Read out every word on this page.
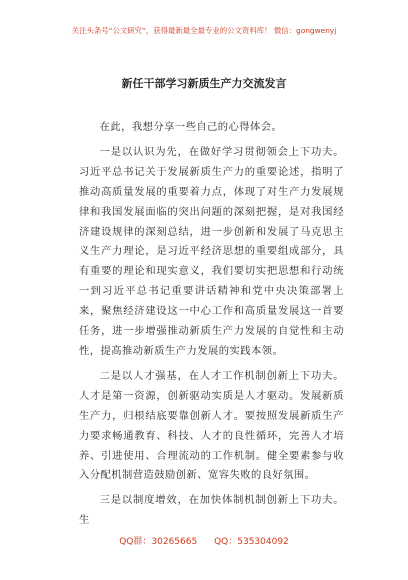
关注头条号“公文研究”，获得最新最全最专业的公文资料库！ 微信：gongwenyj
新任干部学习新质生产力交流发言

在此，我想分享一些自己的心得体会。

一是以认识为先，在做好学习贯彻领会上下功夫。习近平总书记关于发展新质生产力的重要论述，指明了推动高质量发展的重要着力点，体现了对生产力发展规律和我国发展面临的突出问题的深刻把握，是对我国经济建设规律的深刻总结，进一步创新和发展了马克思主义生产力理论，是习近平经济思想的重要组成部分，具有重要的理论和现实意义，我们要切实把思想和行动统一到习近平总书记重要讲话精神和党中央决策部署上来，聚焦经济建设这一中心工作和高质量发展这一首要任务，进一步增强推动新质生产力发展的自觉性和主动性，提高推动新质生产力发展的实践本领。

二是以人才强基，在人才工作机制创新上下功夫。人才是第一资源，创新驱动实质是人才驱动。发展新质生产力，归根结底要靠创新人才。要按照发展新质生产力要求畅通教育、科技、人才的良性循环，完善人才培养、引进使用、合理流动的工作机制。健全要素参与收入分配机制营造鼓励创新、宽容失败的良好氛围。

三是以制度增效，在加快体制机制创新上下功夫。生

QQ群：30265665 QQ：535304092
